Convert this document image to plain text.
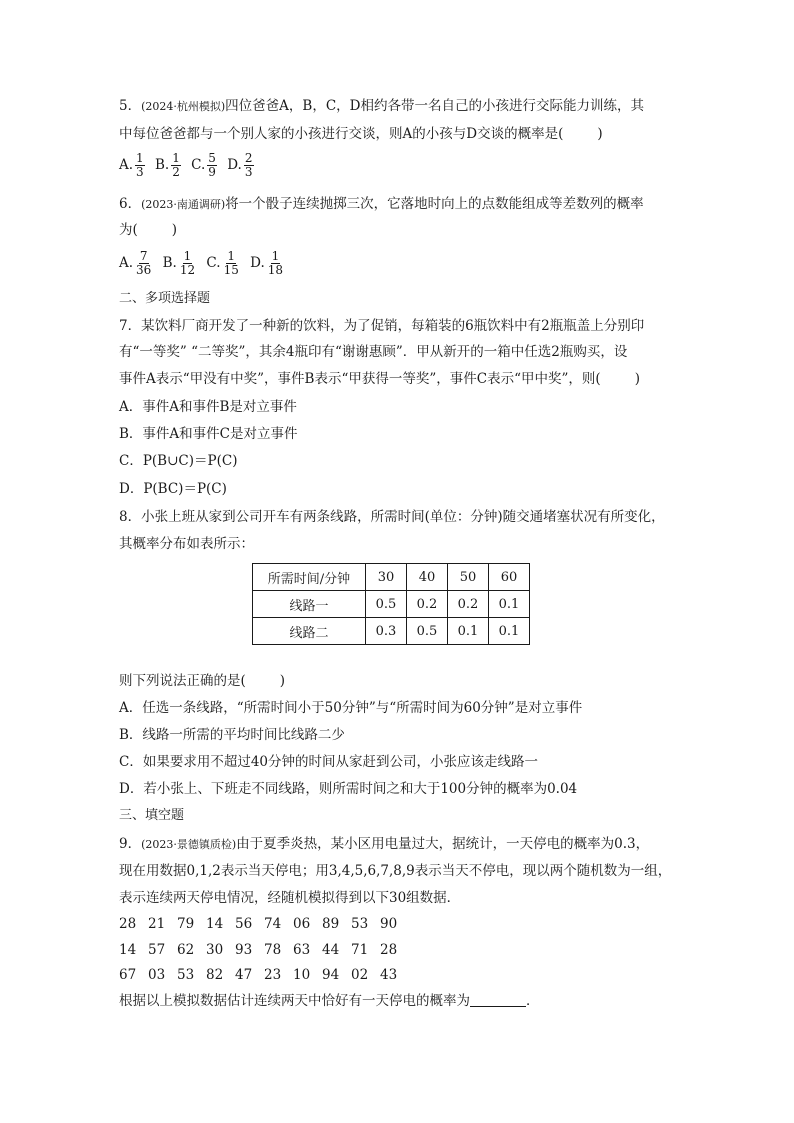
5．(2024·杭州模拟)四位爸爸A，B，C，D相约各带一名自己的小孩进行交际能力训练，其
中每位爸爸都与一个别人家的小孩进行交谈，则A的小孩与D交谈的概率是(	)
A. $\frac{1}{3} B$. $\frac{1}{2} C$. $\frac{5}{9} D$. $\frac{2}{3}$
6．(2023·南通调研)将一个骰子连续抛掷三次，它落地时向上的点数能组成等差数列的概率
为(	)
A. $\frac{7}{36} B$. $\frac{1}{12} C$. $\frac{1}{15} D$. $\frac{1}{18}$
二、多项选择题
7．某饮料厂商开发了一种新的饮料，为了促销，每箱装的6瓶饮料中有2瓶瓶盖上分别印
有“一等奖” “二等奖”，其余4瓶印有“谢谢惠顾”．甲从新开的一箱中任选2瓶购买，设
事件A表示“甲没有中奖”，事件B表示“甲获得一等奖”，事件C表示“甲中奖”，则(	)
A．事件A和事件B是对立事件
B．事件A和事件C是对立事件
C．P(B∪C)＝P(C)
D．P(BC)＝P(C)
8．小张上班从家到公司开车有两条线路，所需时间(单位：分钟)随交通堵塞状况有所变化，
其概率分布如表所示：
所需时间/分钟	30	40	50	60
线路一	0.5	0.2	0.2	0.1
线路二	0.3	0.5	0.1	0.1
则下列说法正确的是(	)
A．任选一条线路，“所需时间小于50分钟”与“所需时间为60分钟”是对立事件
B．线路一所需的平均时间比线路二少
C．如果要求用不超过40分钟的时间从家赶到公司，小张应该走线路一
D．若小张上、下班走不同线路，则所需时间之和大于100分钟的概率为0.04
三、填空题
9．(2023·景德镇质检)由于夏季炎热，某小区用电量过大，据统计，一天停电的概率为0.3，
现在用数据0,1,2表示当天停电；用3,4,5,6,7,8,9表示当天不停电，现以两个随机数为一组，
表示连续两天停电情况，经随机模拟得到以下30组数据．
28 21 79 14 56 74 06 89 53 90
14 57 62 30 93 78 63 44 71 28
67 03 53 82 47 23 10 94 02 43
根据以上模拟数据估计连续两天中恰好有一天停电的概率为	．
